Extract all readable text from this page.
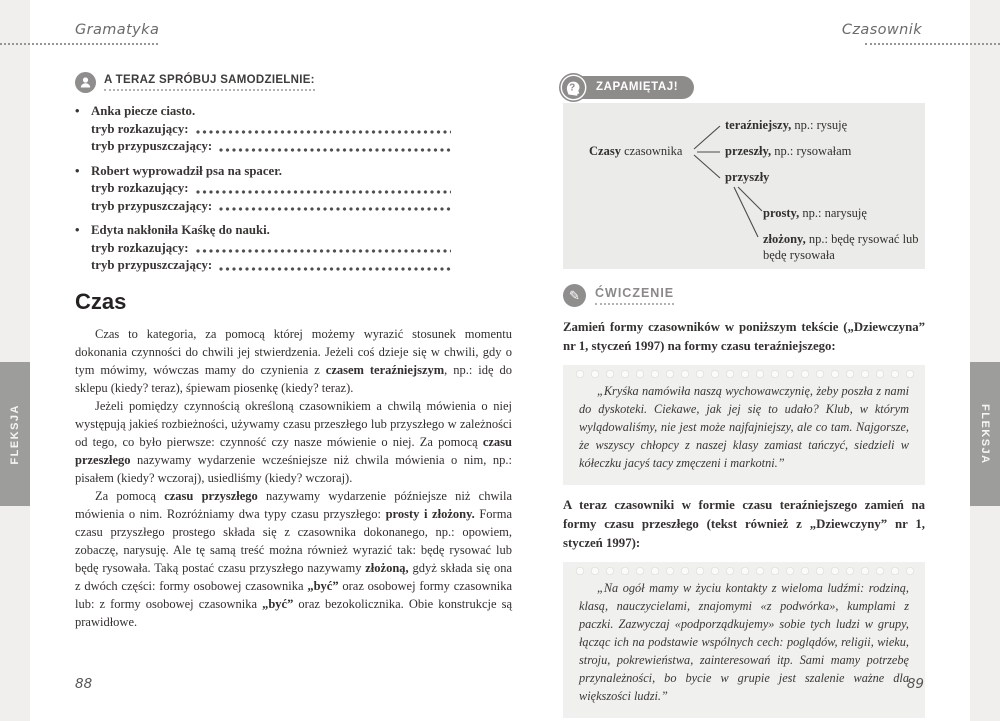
FLEKSJA	FLEKSJA
Gramatyka	Czasownik
A TERAZ SPRÓBUJ SAMODZIELNIE:
• Anka piecze ciasto.
tryb rozkazujący:
tryb przypuszczający:
• Robert wyprowadził psa na spacer.
tryb rozkazujący:
tryb przypuszczający:
• Edyta nakłoniła Kaśkę do nauki.
tryb rozkazujący:
tryb przypuszczający:
Czas

Czas to kategoria, za pomocą której możemy wyrazić stosunek momentu dokonania czynności do chwili jej stwierdzenia. Jeżeli coś dzieje się w chwili, gdy o tym mówimy, wówczas mamy do czynienia z czasem teraźniejszym, np.: idę do sklepu (kiedy? teraz), śpiewam piosenkę (kiedy? teraz).

Jeżeli pomiędzy czynnością określoną czasownikiem a chwilą mówienia o niej występują jakieś rozbieżności, używamy czasu przeszłego lub przyszłego w zależności od tego, co było pierwsze: czynność czy nasze mówienie o niej. Za pomocą czasu przeszłego nazywamy wydarzenie wcześniejsze niż chwila mówienia o nim, np.: pisałem (kiedy? wczoraj), usiedliśmy (kiedy? wczoraj).

Za pomocą czasu przyszłego nazywamy wydarzenie późniejsze niż chwila mówienia o nim. Rozróżniamy dwa typy czasu przyszłego: prosty i złożony. Forma czasu przyszłego prostego składa się z czasownika dokonanego, np.: opowiem, zobaczę, narysuję. Ale tę samą treść można również wyrazić tak: będę rysować lub będę rysowała. Taką postać czasu przyszłego nazywamy złożoną, gdyż składa się ona z dwóch części: formy osobowej czasownika „być” oraz osobowej formy czasownika lub: z formy osobowej czasownika „być” oraz bezokolicznika. Obie konstrukcje są prawidłowe.

88
? ZAPAMIĘTAJ!
Czasy czasownika
teraźniejszy, np.: rysuję
przeszły, np.: rysowałam
przyszły
prosty, np.: narysuję
złożony, np.: będę rysować lub będę rysowała
✎ ĆWICZENIE

Zamień formy czasowników w poniższym tekście („Dziewczyna” nr 1, styczeń 1997) na formy czasu teraźniejszego:

„Kryśka namówiła naszą wychowawczynię, żeby poszła z nami do dyskoteki. Ciekawe, jak jej się to udało? Klub, w którym wylądowaliśmy, nie jest może najfajniejszy, ale co tam. Najgorsze, że wszyscy chłopcy z naszej klasy zamiast tańczyć, siedzieli w kółeczku jacyś tacy zmęczeni i markotni.”

A teraz czasowniki w formie czasu teraźniejszego zamień na formy czasu przeszłego (tekst również z „Dziewczyny” nr 1, styczeń 1997):

„Na ogół mamy w życiu kontakty z wieloma ludźmi: rodziną, klasą, nauczycielami, znajomymi «z podwórka», kumplami z paczki. Zazwyczaj «podporządkujemy» sobie tych ludzi w grupy, łącząc ich na podstawie wspólnych cech: poglądów, religii, wieku, stroju, pokrewieństwa, zainteresowań itp. Sami mamy potrzebę przynależności, bo bycie w grupie jest szalenie ważne dla większości ludzi.”
89
